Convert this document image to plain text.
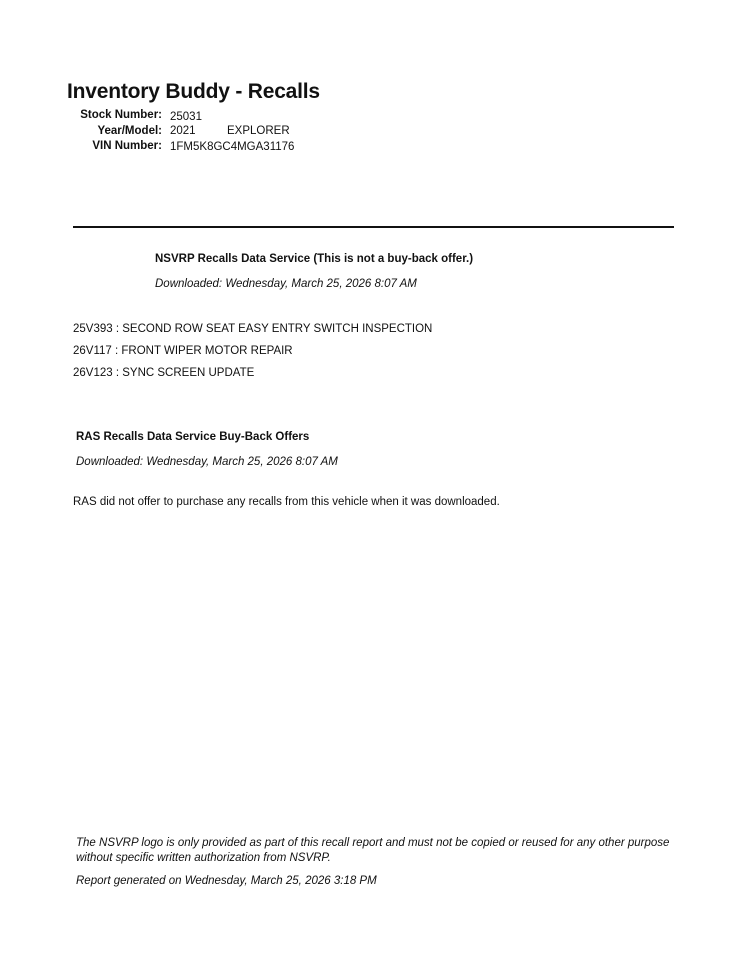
Inventory Buddy - Recalls
Stock Number: 25031
Year/Model: 2021	EXPLORER
VIN Number: 1FM5K8GC4MGA31176
NSVRP Recalls Data Service (This is not a buy-back offer.)
Downloaded: Wednesday, March 25, 2026 8:07 AM
25V393 : SECOND ROW SEAT EASY ENTRY SWITCH INSPECTION
26V117 : FRONT WIPER MOTOR REPAIR
26V123 : SYNC SCREEN UPDATE
RAS Recalls Data Service Buy-Back Offers
Downloaded: Wednesday, March 25, 2026 8:07 AM
RAS did not offer to purchase any recalls from this vehicle when it was downloaded.
The NSVRP logo is only provided as part of this recall report and must not be copied or reused for any other purpose without specific written authorization from NSVRP.
Report generated on Wednesday, March 25, 2026 3:18 PM
